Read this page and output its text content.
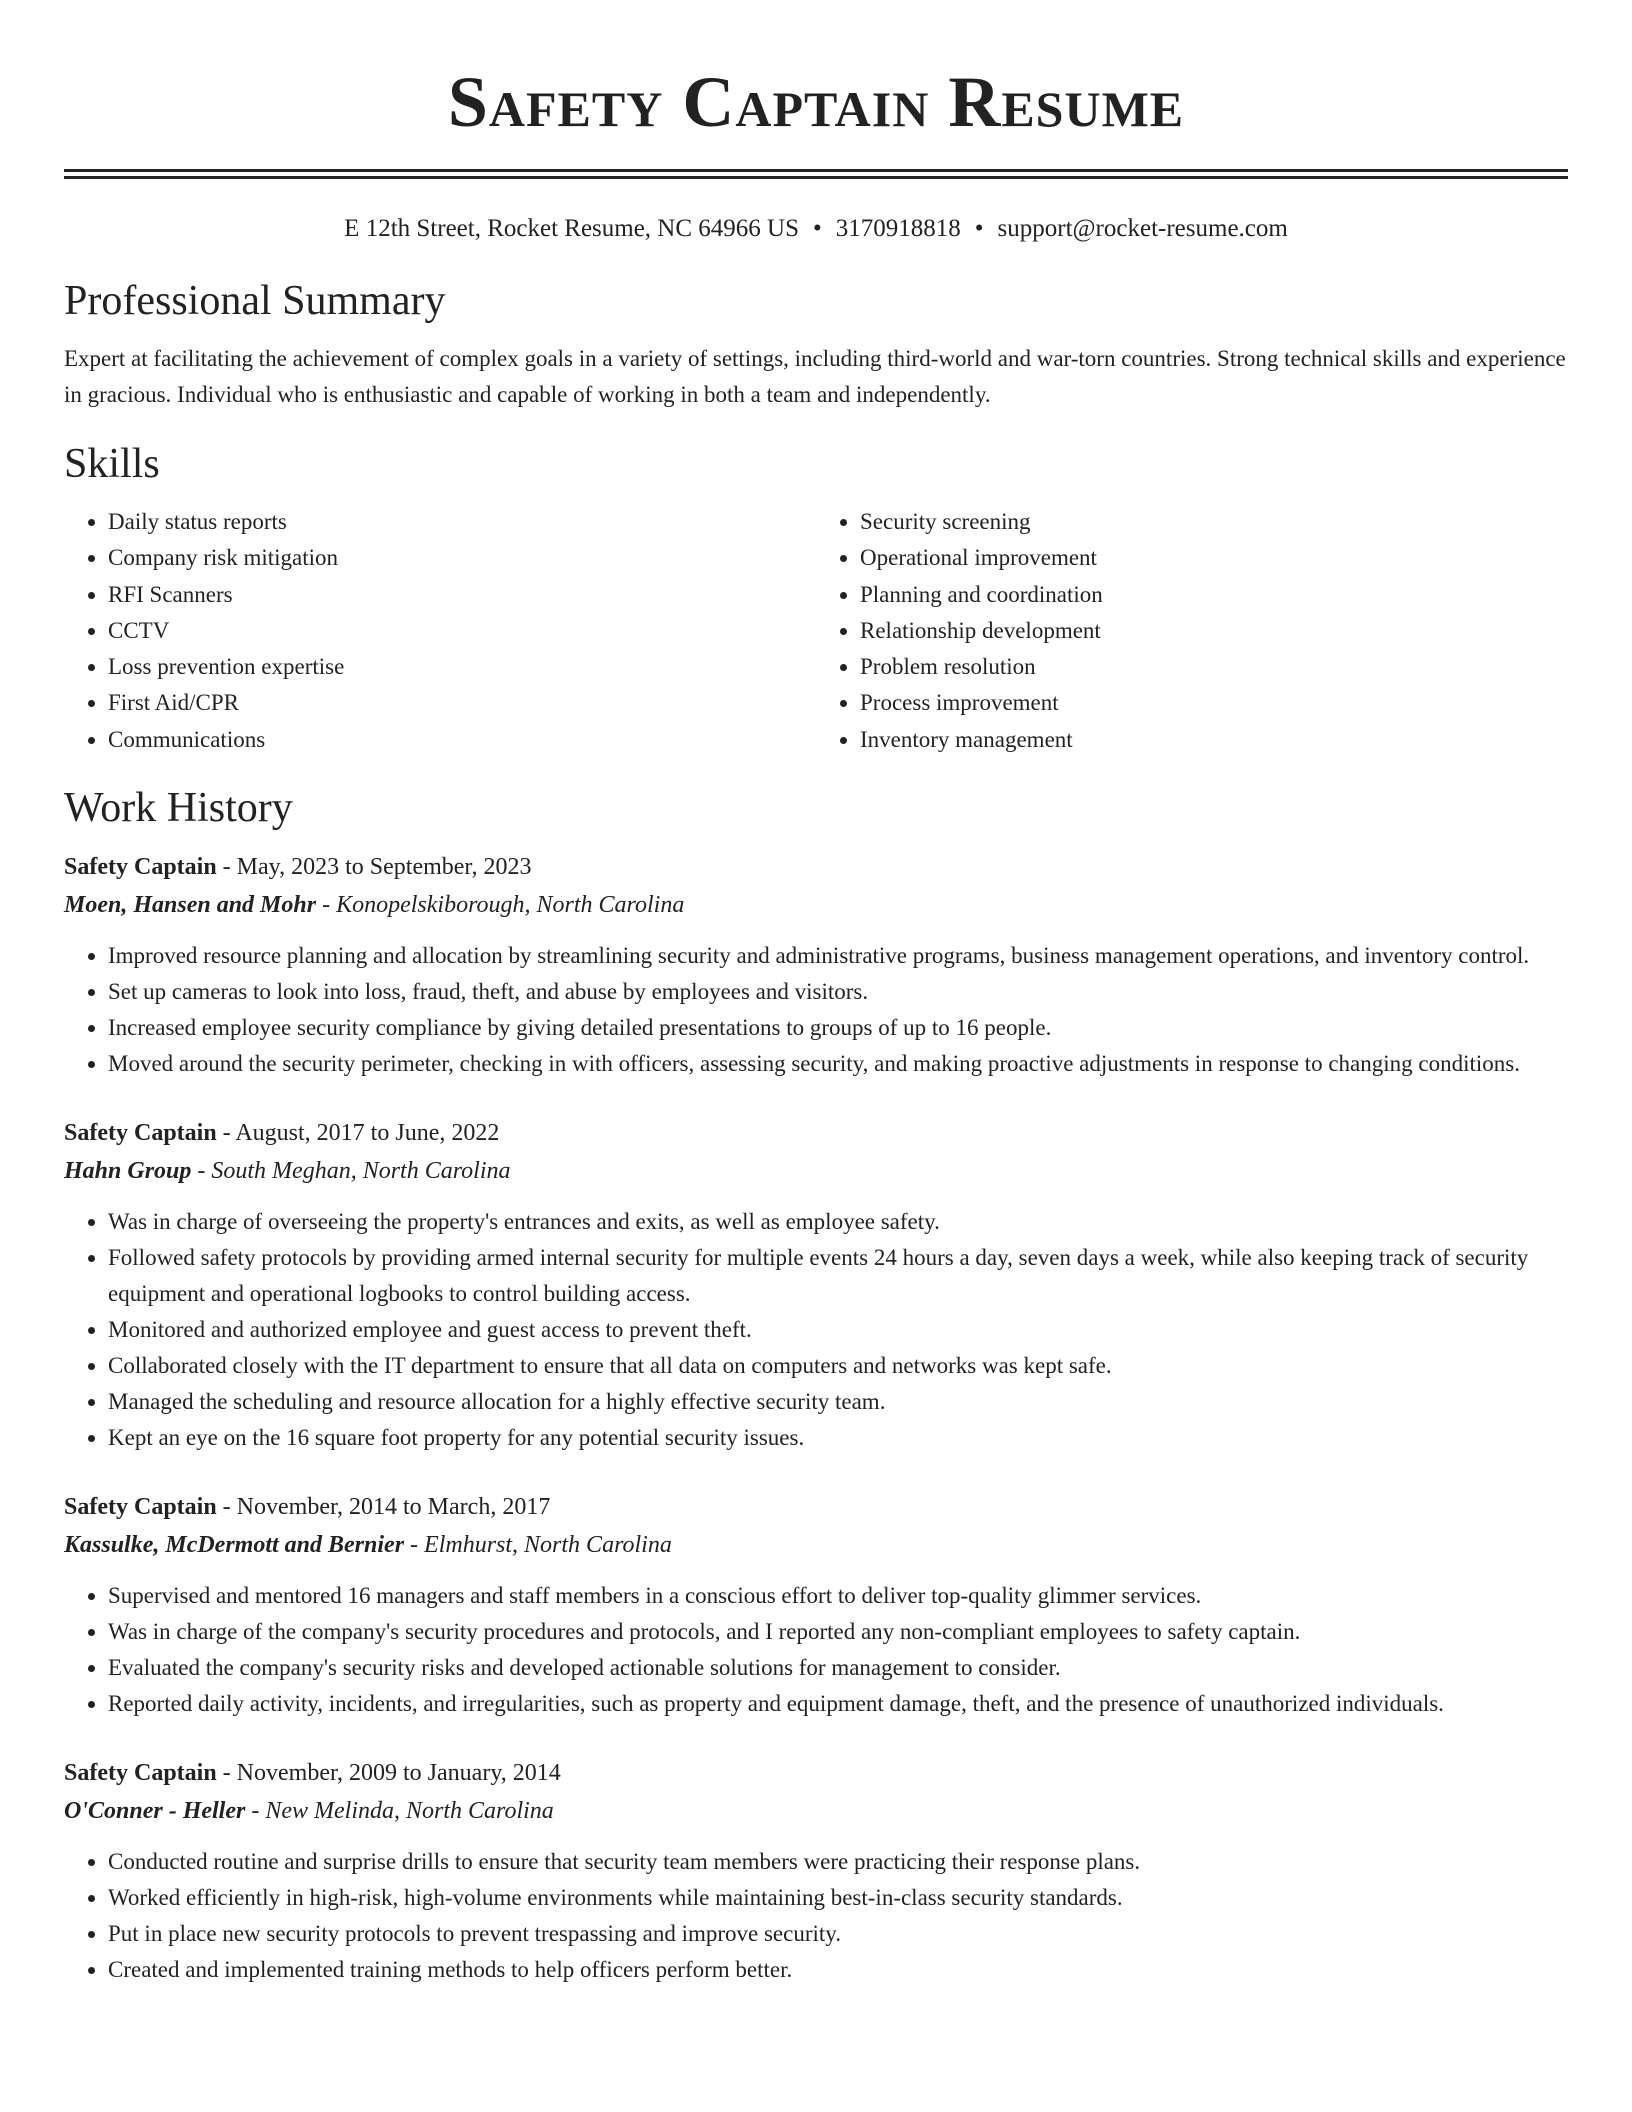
Safety Captain Resume
E 12th Street, Rocket Resume, NC 64966 US • 3170918818 • support@rocket-resume.com
Professional Summary
Expert at facilitating the achievement of complex goals in a variety of settings, including third-world and war-torn countries. Strong technical skills and experience in gracious. Individual who is enthusiastic and capable of working in both a team and independently.
Skills
• Daily status reports
• Company risk mitigation
• RFI Scanners
• CCTV
• Loss prevention expertise
• First Aid/CPR
• Communications
• Security screening
• Operational improvement
• Planning and coordination
• Relationship development
• Problem resolution
• Process improvement
• Inventory management
Work History
Safety Captain - May, 2023 to September, 2023
Moen, Hansen and Mohr - Konopelskiborough, North Carolina
• Improved resource planning and allocation by streamlining security and administrative programs, business management operations, and inventory control.
• Set up cameras to look into loss, fraud, theft, and abuse by employees and visitors.
• Increased employee security compliance by giving detailed presentations to groups of up to 16 people.
• Moved around the security perimeter, checking in with officers, assessing security, and making proactive adjustments in response to changing conditions.
Safety Captain - August, 2017 to June, 2022
Hahn Group - South Meghan, North Carolina
• Was in charge of overseeing the property's entrances and exits, as well as employee safety.
• Followed safety protocols by providing armed internal security for multiple events 24 hours a day, seven days a week, while also keeping track of security equipment and operational logbooks to control building access.
• Monitored and authorized employee and guest access to prevent theft.
• Collaborated closely with the IT department to ensure that all data on computers and networks was kept safe.
• Managed the scheduling and resource allocation for a highly effective security team.
• Kept an eye on the 16 square foot property for any potential security issues.
Safety Captain - November, 2014 to March, 2017
Kassulke, McDermott and Bernier - Elmhurst, North Carolina
• Supervised and mentored 16 managers and staff members in a conscious effort to deliver top-quality glimmer services.
• Was in charge of the company's security procedures and protocols, and I reported any non-compliant employees to safety captain.
• Evaluated the company's security risks and developed actionable solutions for management to consider.
• Reported daily activity, incidents, and irregularities, such as property and equipment damage, theft, and the presence of unauthorized individuals.
Safety Captain - November, 2009 to January, 2014
O'Conner - Heller - New Melinda, North Carolina
• Conducted routine and surprise drills to ensure that security team members were practicing their response plans.
• Worked efficiently in high-risk, high-volume environments while maintaining best-in-class security standards.
• Put in place new security protocols to prevent trespassing and improve security.
• Created and implemented training methods to help officers perform better.
